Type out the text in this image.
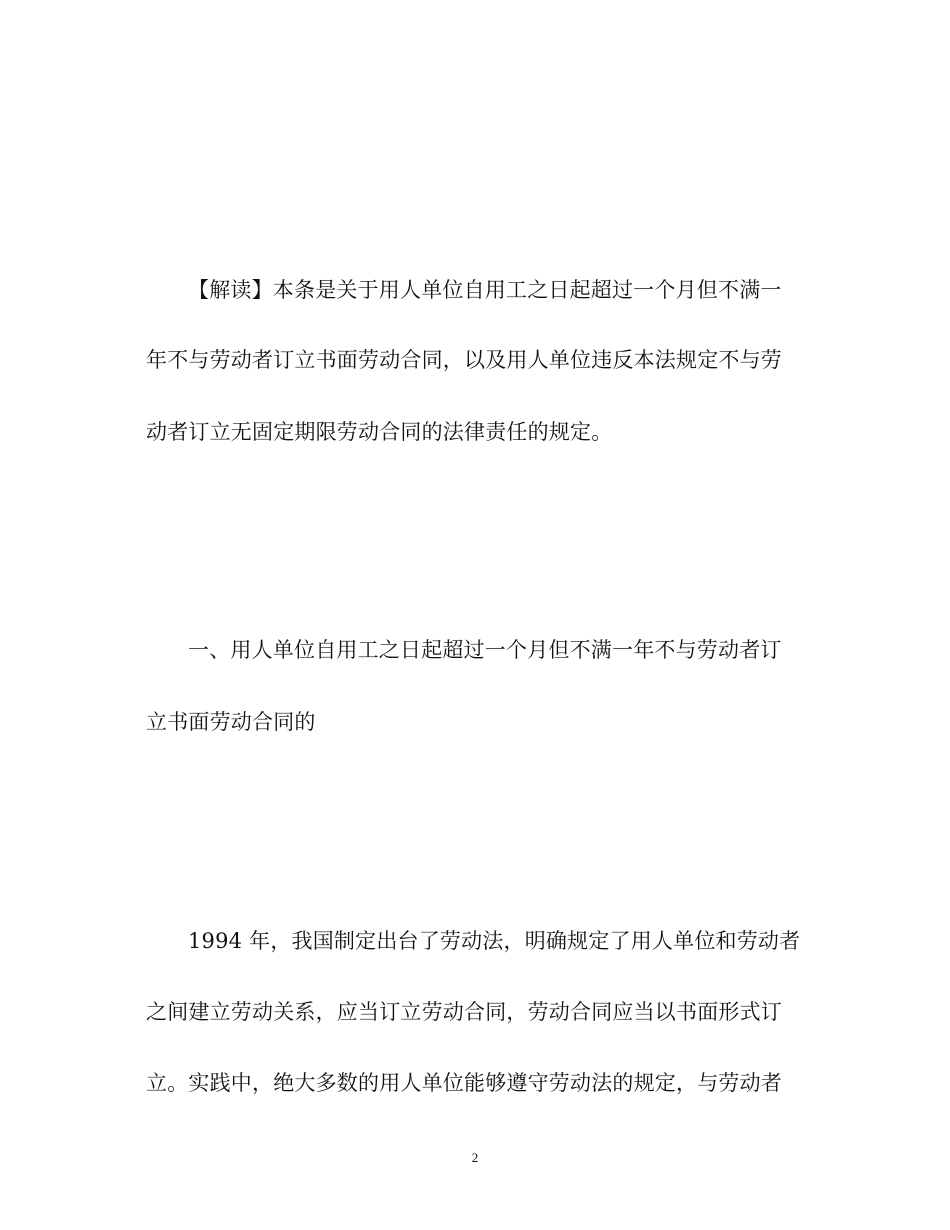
【解读】本条是关于用人单位自用工之日起超过一个月但不满一
年不与劳动者订立书面劳动合同，以及用人单位违反本法规定不与劳
动者订立无固定期限劳动合同的法律责任的规定。
一、用人单位自用工之日起超过一个月但不满一年不与劳动者订
立书面劳动合同的
1994 年，我国制定出台了劳动法，明确规定了用人单位和劳动者
之间建立劳动关系，应当订立劳动合同，劳动合同应当以书面形式订
立。实践中，绝大多数的用人单位能够遵守劳动法的规定，与劳动者
2
